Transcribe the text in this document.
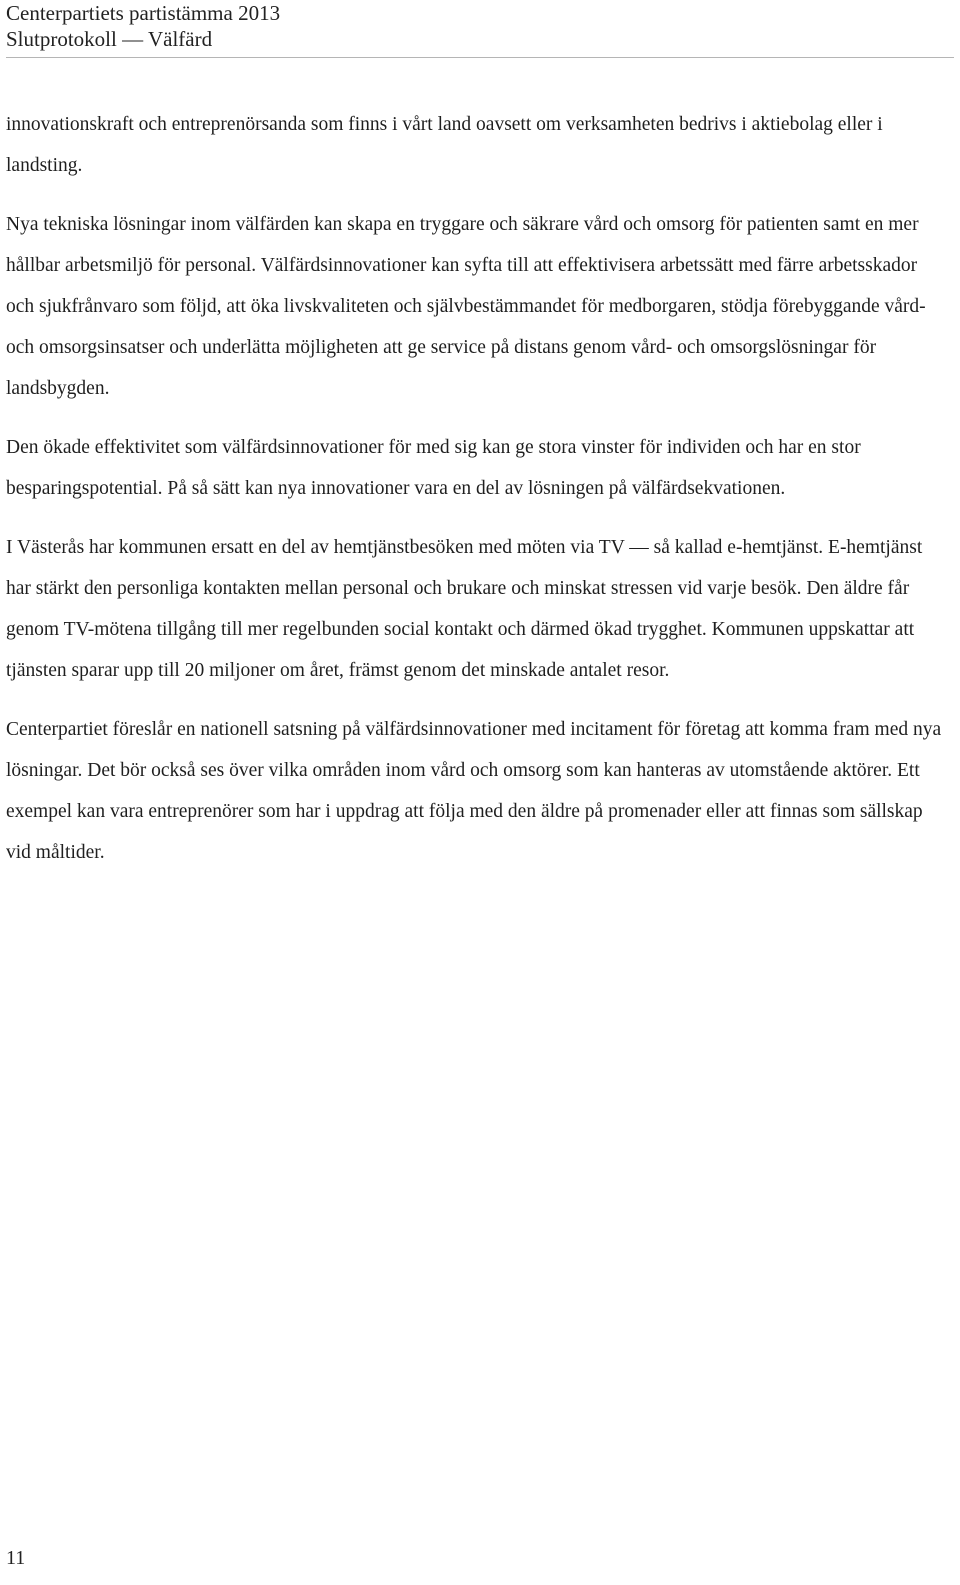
Centerpartiets partistämma 2013

Slutprotokoll — Välfärd

innovationskraft och entreprenörsanda som finns i vårt land oavsett om verksamheten bedrivs i aktiebolag eller i landsting.

Nya tekniska lösningar inom välfärden kan skapa en tryggare och säkrare vård och omsorg för patienten samt en mer hållbar arbetsmiljö för personal. Välfärdsinnovationer kan syfta till att effektivisera arbetssätt med färre arbetsskador och sjukfrånvaro som följd, att öka livskvaliteten och självbestämmandet för medborgaren, stödja förebyggande vård- och omsorgsinsatser och underlätta möjligheten att ge service på distans genom vård- och omsorgslösningar för landsbygden.

Den ökade effektivitet som välfärdsinnovationer för med sig kan ge stora vinster för individen och har en stor besparingspotential. På så sätt kan nya innovationer vara en del av lösningen på välfärdsekvationen.

I Västerås har kommunen ersatt en del av hemtjänstbesöken med möten via TV — så kallad e-hemtjänst. E-hemtjänst har stärkt den personliga kontakten mellan personal och brukare och minskat stressen vid varje besök. Den äldre får genom TV-mötena tillgång till mer regelbunden social kontakt och därmed ökad trygghet. Kommunen uppskattar att tjänsten sparar upp till 20 miljoner om året, främst genom det minskade antalet resor.

Centerpartiet föreslår en nationell satsning på välfärdsinnovationer med incitament för företag att komma fram med nya lösningar. Det bör också ses över vilka områden inom vård och omsorg som kan hanteras av utomstående aktörer. Ett exempel kan vara entreprenörer som har i uppdrag att följa med den äldre på promenader eller att finnas som sällskap vid måltider.

11
